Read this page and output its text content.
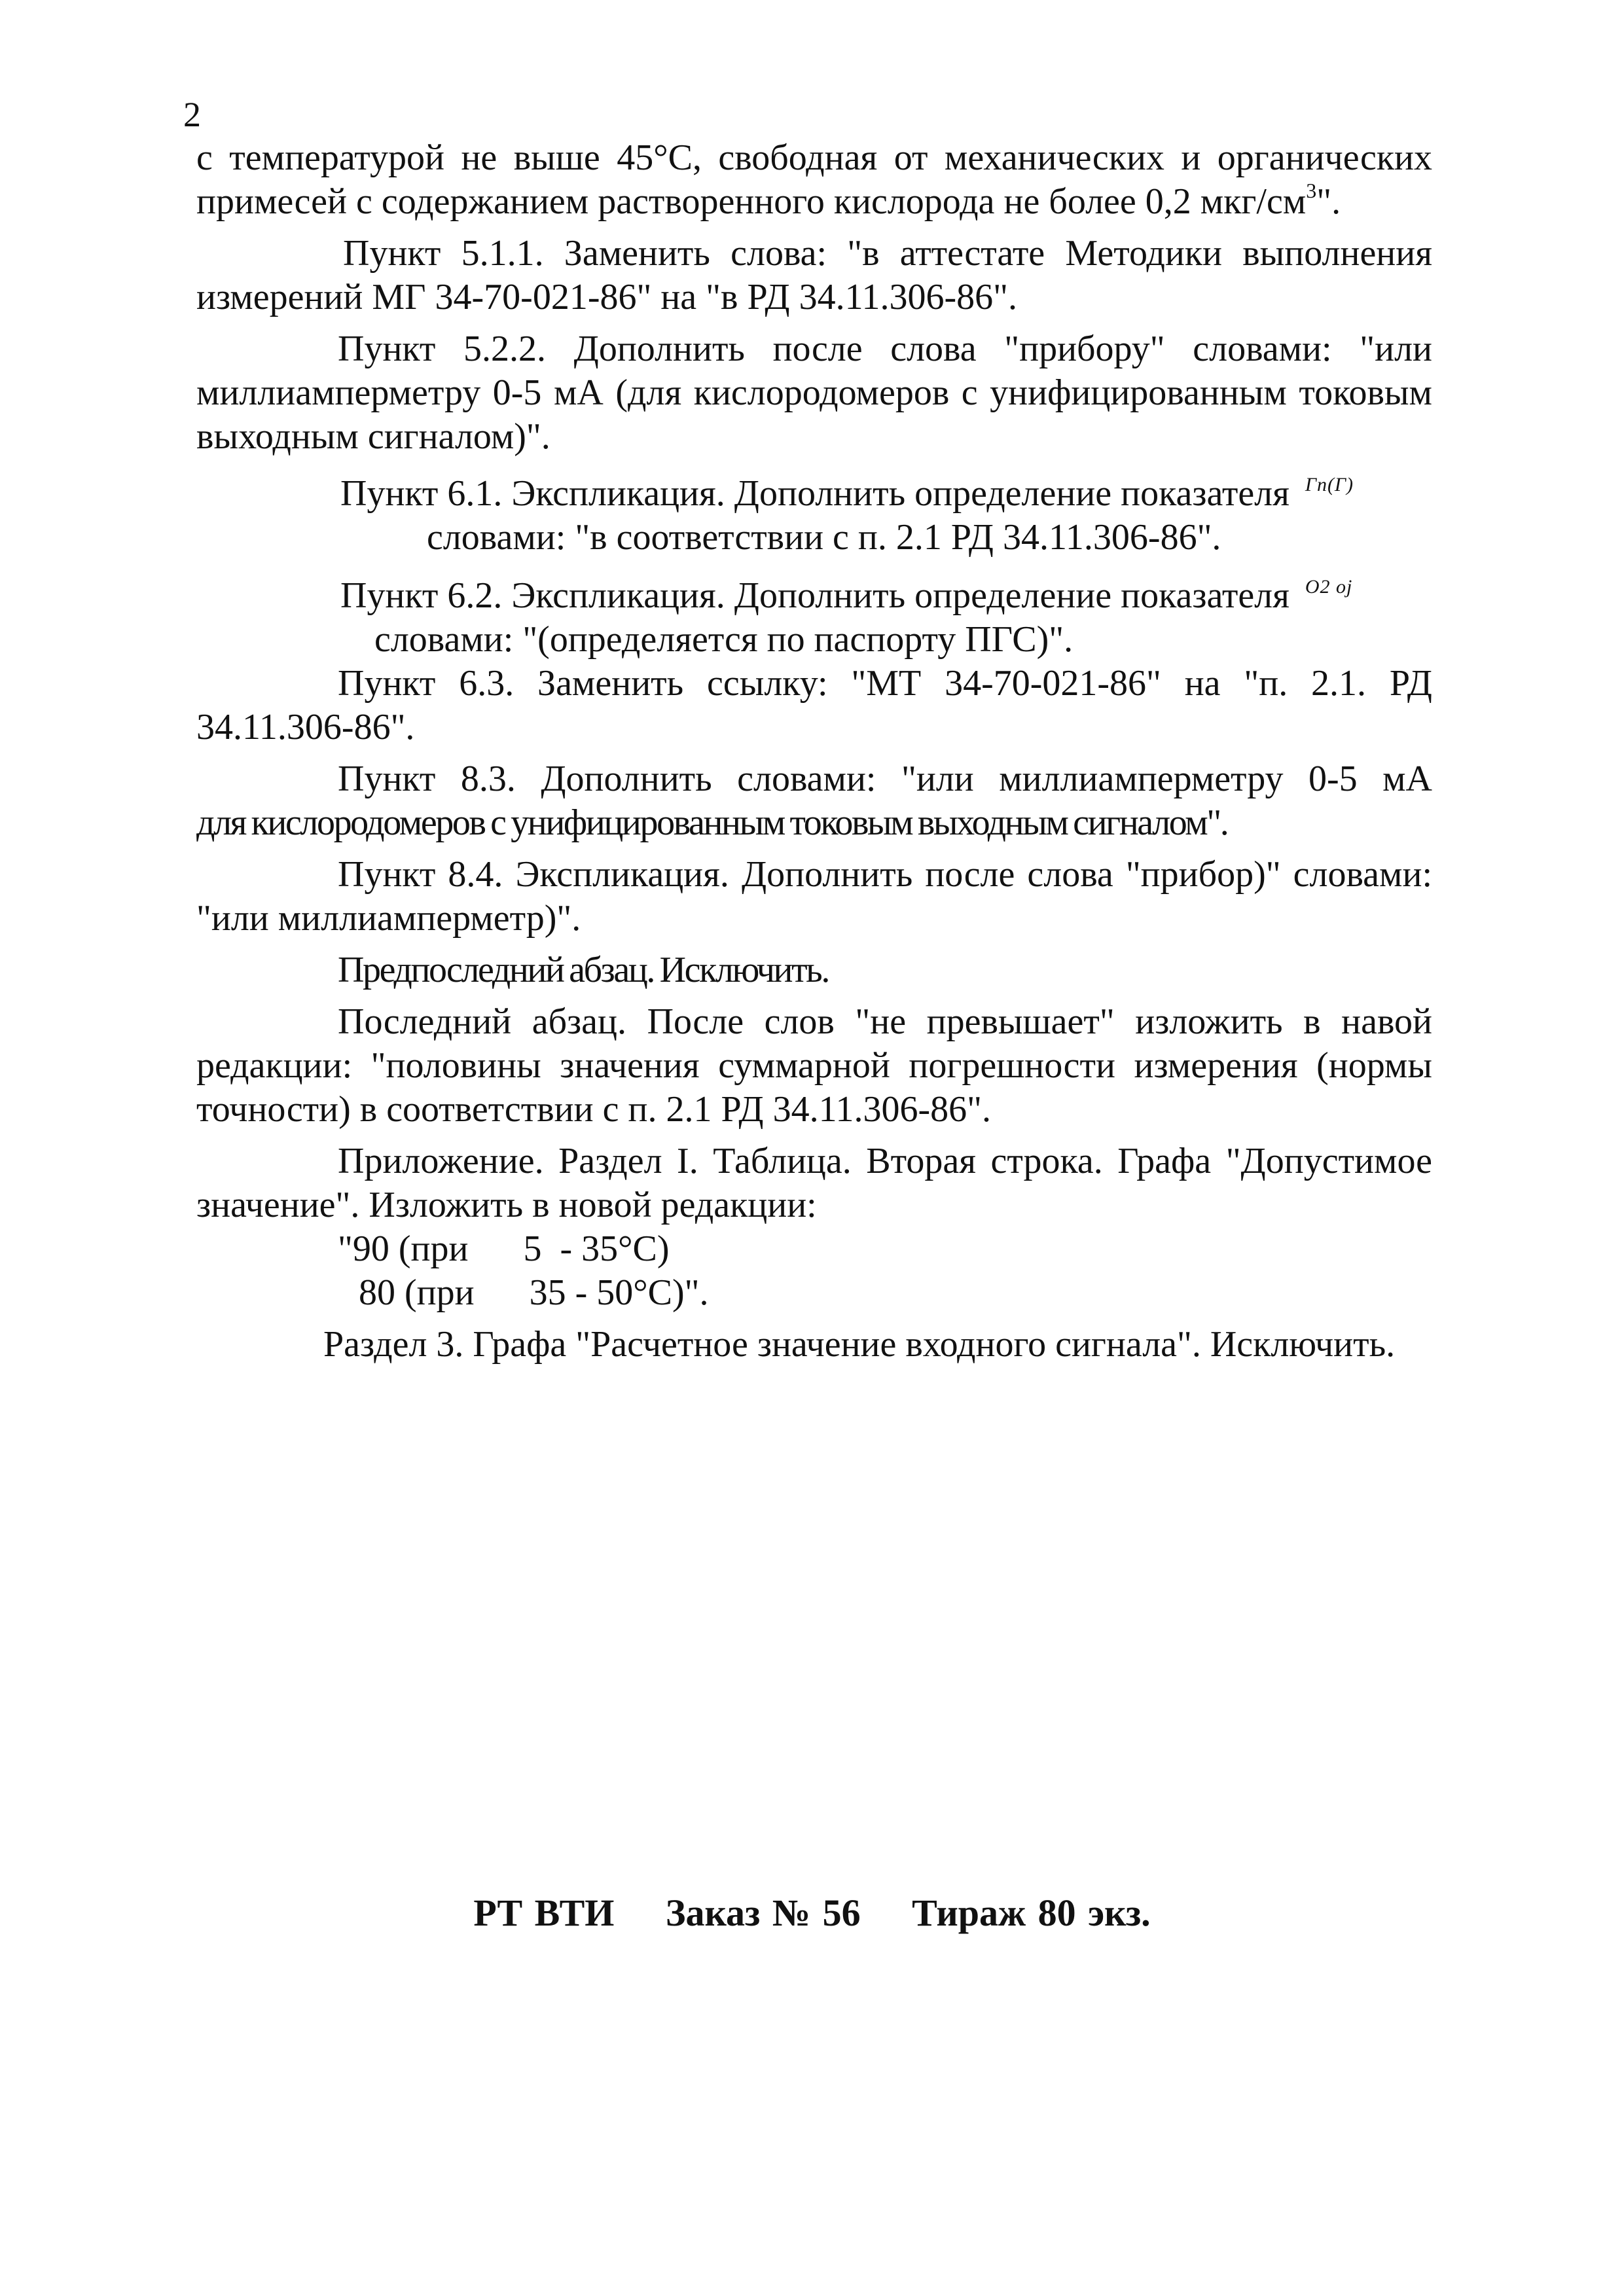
2

с температурой не выше 45°С, свободная от механических и органических примесей с содержанием растворенного кислорода не более 0,2 мкг/$см^3$".

Пункт 5.1.1. Заменить слова: "в аттестате Методики выполнения измерений МГ 34-70-021-86" на "в РД 34.11.306-86".

Пункт 5.2.2. Дополнить после слова "прибору" словами: "или миллиамперметру 0-5 мА (для кислородомеров с унифицированным токовым выходным сигналом)".

Пункт 6.1. Экспликация. Дополнить определение показателя Γn(Г)
словами: "в соответствии с п. 2.1 РД 34.11.306-86".
Пункт 6.2. Экспликация. Дополнить определение показателя O2 oj
словами: "(определяется по паспорту ПГС)".

Пункт 6.3. Заменить ссылку: "МТ 34-70-021-86" на "п. 2.1. РД 34.11.306-86".

Пункт 8.3. Дополнить словами: "или миллиамперметру 0-5 мА
для кислородомеров с унифицированным токовым выходным сигналом".

Пункт 8.4. Экспликация. Дополнить после слова "прибор)" словами: "или миллиамперметр)".

Предпоследний абзац. Исключить.

Последний абзац. После слов "не превышает" изложить в навой редакции: "половины значения суммарной погрешности измерения (нормы точности) в соответствии с п. 2.1 РД 34.11.306-86".

Приложение. Раздел I. Таблица. Вторая строка. Графа "Допустимое значение". Изложить в новой редакции:

"90 (при      5  - 35°С)
80 (при      35 - 50°С)".

Раздел 3. Графа "Расчетное значение входного сигнала". Исключить.

РТ ВТИ Заказ № 56 Тираж 80 экз.
